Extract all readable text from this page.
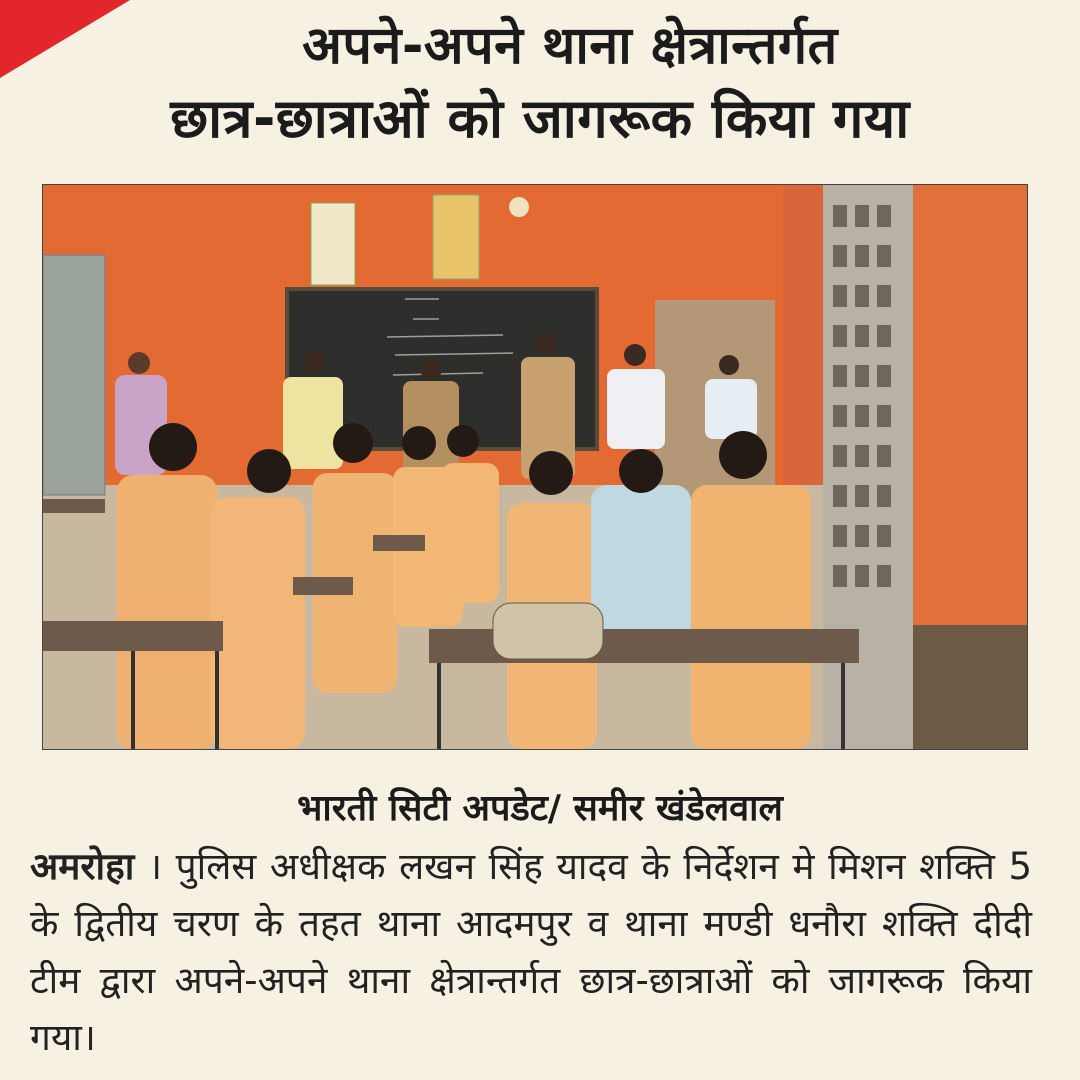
अपने-अपने थाना क्षेत्रान्तर्गत
छात्र-छात्राओं को जागरूक किया गया
भारती सिटी अपडेट/ समीर खंडेलवाल
अमरोहा । पुलिस अधीक्षक लखन सिंह यादव के निर्देशन मे मिशन शक्ति 5 के द्वितीय चरण के तहत थाना आदमपुर व थाना मण्डी धनौरा शक्ति दीदी टीम द्वारा अपने-अपने थाना क्षेत्रान्तर्गत छात्र-छात्राओं को जागरूक किया गया।
